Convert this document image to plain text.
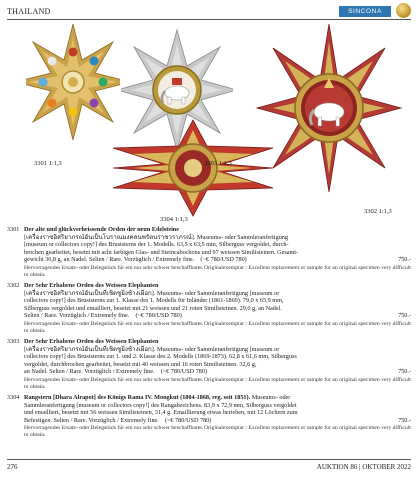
THAILAND	SINCONA
3301 1:1,3	3303 1:1,3
3304 1:1,3
3302 1:1,3
3301 Der alte und glückverheissende Orden der neun Edelsteine
[เครื่องราชอิสริยาภรณ์อันเป็นโบราณมงคลนพรัตนราชวราภรณ์]. Museums- oder Sammleranfertigung
[museum or collectors copy!] des Bruststerns der 1. Modells. 63,5 x 63,5 mm, Silberguss vergoldet, durch-
brochen gearbeitet, besetzt mit acht farbigen Glas- und Steincabochons und 97 weissen Similisteinen. Gesamt-
gewicht 36,8 g, an Nadel. Selten / Rare. Vorzüglich / Extremely fine. (~€ 780/USD 780)	750.-
Hervorragendes Ersatz- oder Belegstück für ein nur sehr schwer beschaffbares Originalexemplar / Excellent replacement or sample for an original specimen very difficult to obtain.
3302 Der Sehr Erhabene Orden des Weissen Elephanten
[เครื่องราชอิสริยาภรณ์อันเป็นที่เชิดชูยิ่งช้างเผือก]. Museums- oder Sammleranfertigung [museum or
collectors copy!] des Bruststerns zur 1. Klasse des 1. Modells für Inländer (1861-1869). 79,0 x 65,9 mm,
Silberguss vergoldet und emailliert, besetzt mit 21 weissen und 21 roten Similisteinen. 29,0 g, an Nadel.
Selten / Rare. Vorzüglich / Extremely fine. (~€ 780/USD 780)	750.-
Hervorragendes Ersatz- oder Belegstück für ein nur sehr schwer beschaffbares Originalexemplar / Excellent replacement or sample for an original specimen very difficult to obtain.
3303 Der Sehr Erhabene Orden des Weissen Elephanten
[เครื่องราชอิสริยาภรณ์อันเป็นที่เชิดชูยิ่งช้างเผือก]. Museums- oder Sammleranfertigung [museum or
collectors copy!] des Bruststerns zur 1. und 2. Klasse des 2. Modells (1869-1873). 62,8 x 61,6 mm, Silberguss
vergoldet, durchbrochen gearbeitet, besetzt mit 40 weissen und 16 roten Similisteinen. 32,6 g,
an Nadel. Selten / Rare. Vorzüglich / Extremely fine. (~€ 780/USD 780)	750.-
Hervorragendes Ersatz- oder Belegstück für ein nur sehr schwer beschaffbares Originalexemplar / Excellent replacement or sample for an original specimen very difficult to obtain.
3304 Rangstern [Dhara Alrapot] des Königs Rama IV. Mongkut (1804-1868, reg. seit 1851). Museums- oder
Sammleranfertigung [museum or collectors copy!] des Rangabzeichens. 83,9 x 72,9 mm, Silberguss vergoldet
und emailliert, besetzt mit 56 weissen Similisteinen, 31,4 g. Emaillierung etwas berieben, mit 12 Löchern zum
Befestigen. Selten / Rare. Vorzüglich / Extremely fine. (~€ 780/USD 780)	750.-
Hervorragendes Ersatz- oder Belegstück für ein nur sehr schwer beschaffbares Originalexemplar / Excellent replacement or sample for an original specimen very difficult to obtain.
276	AUKTION 86 | OKTOBER 2022
